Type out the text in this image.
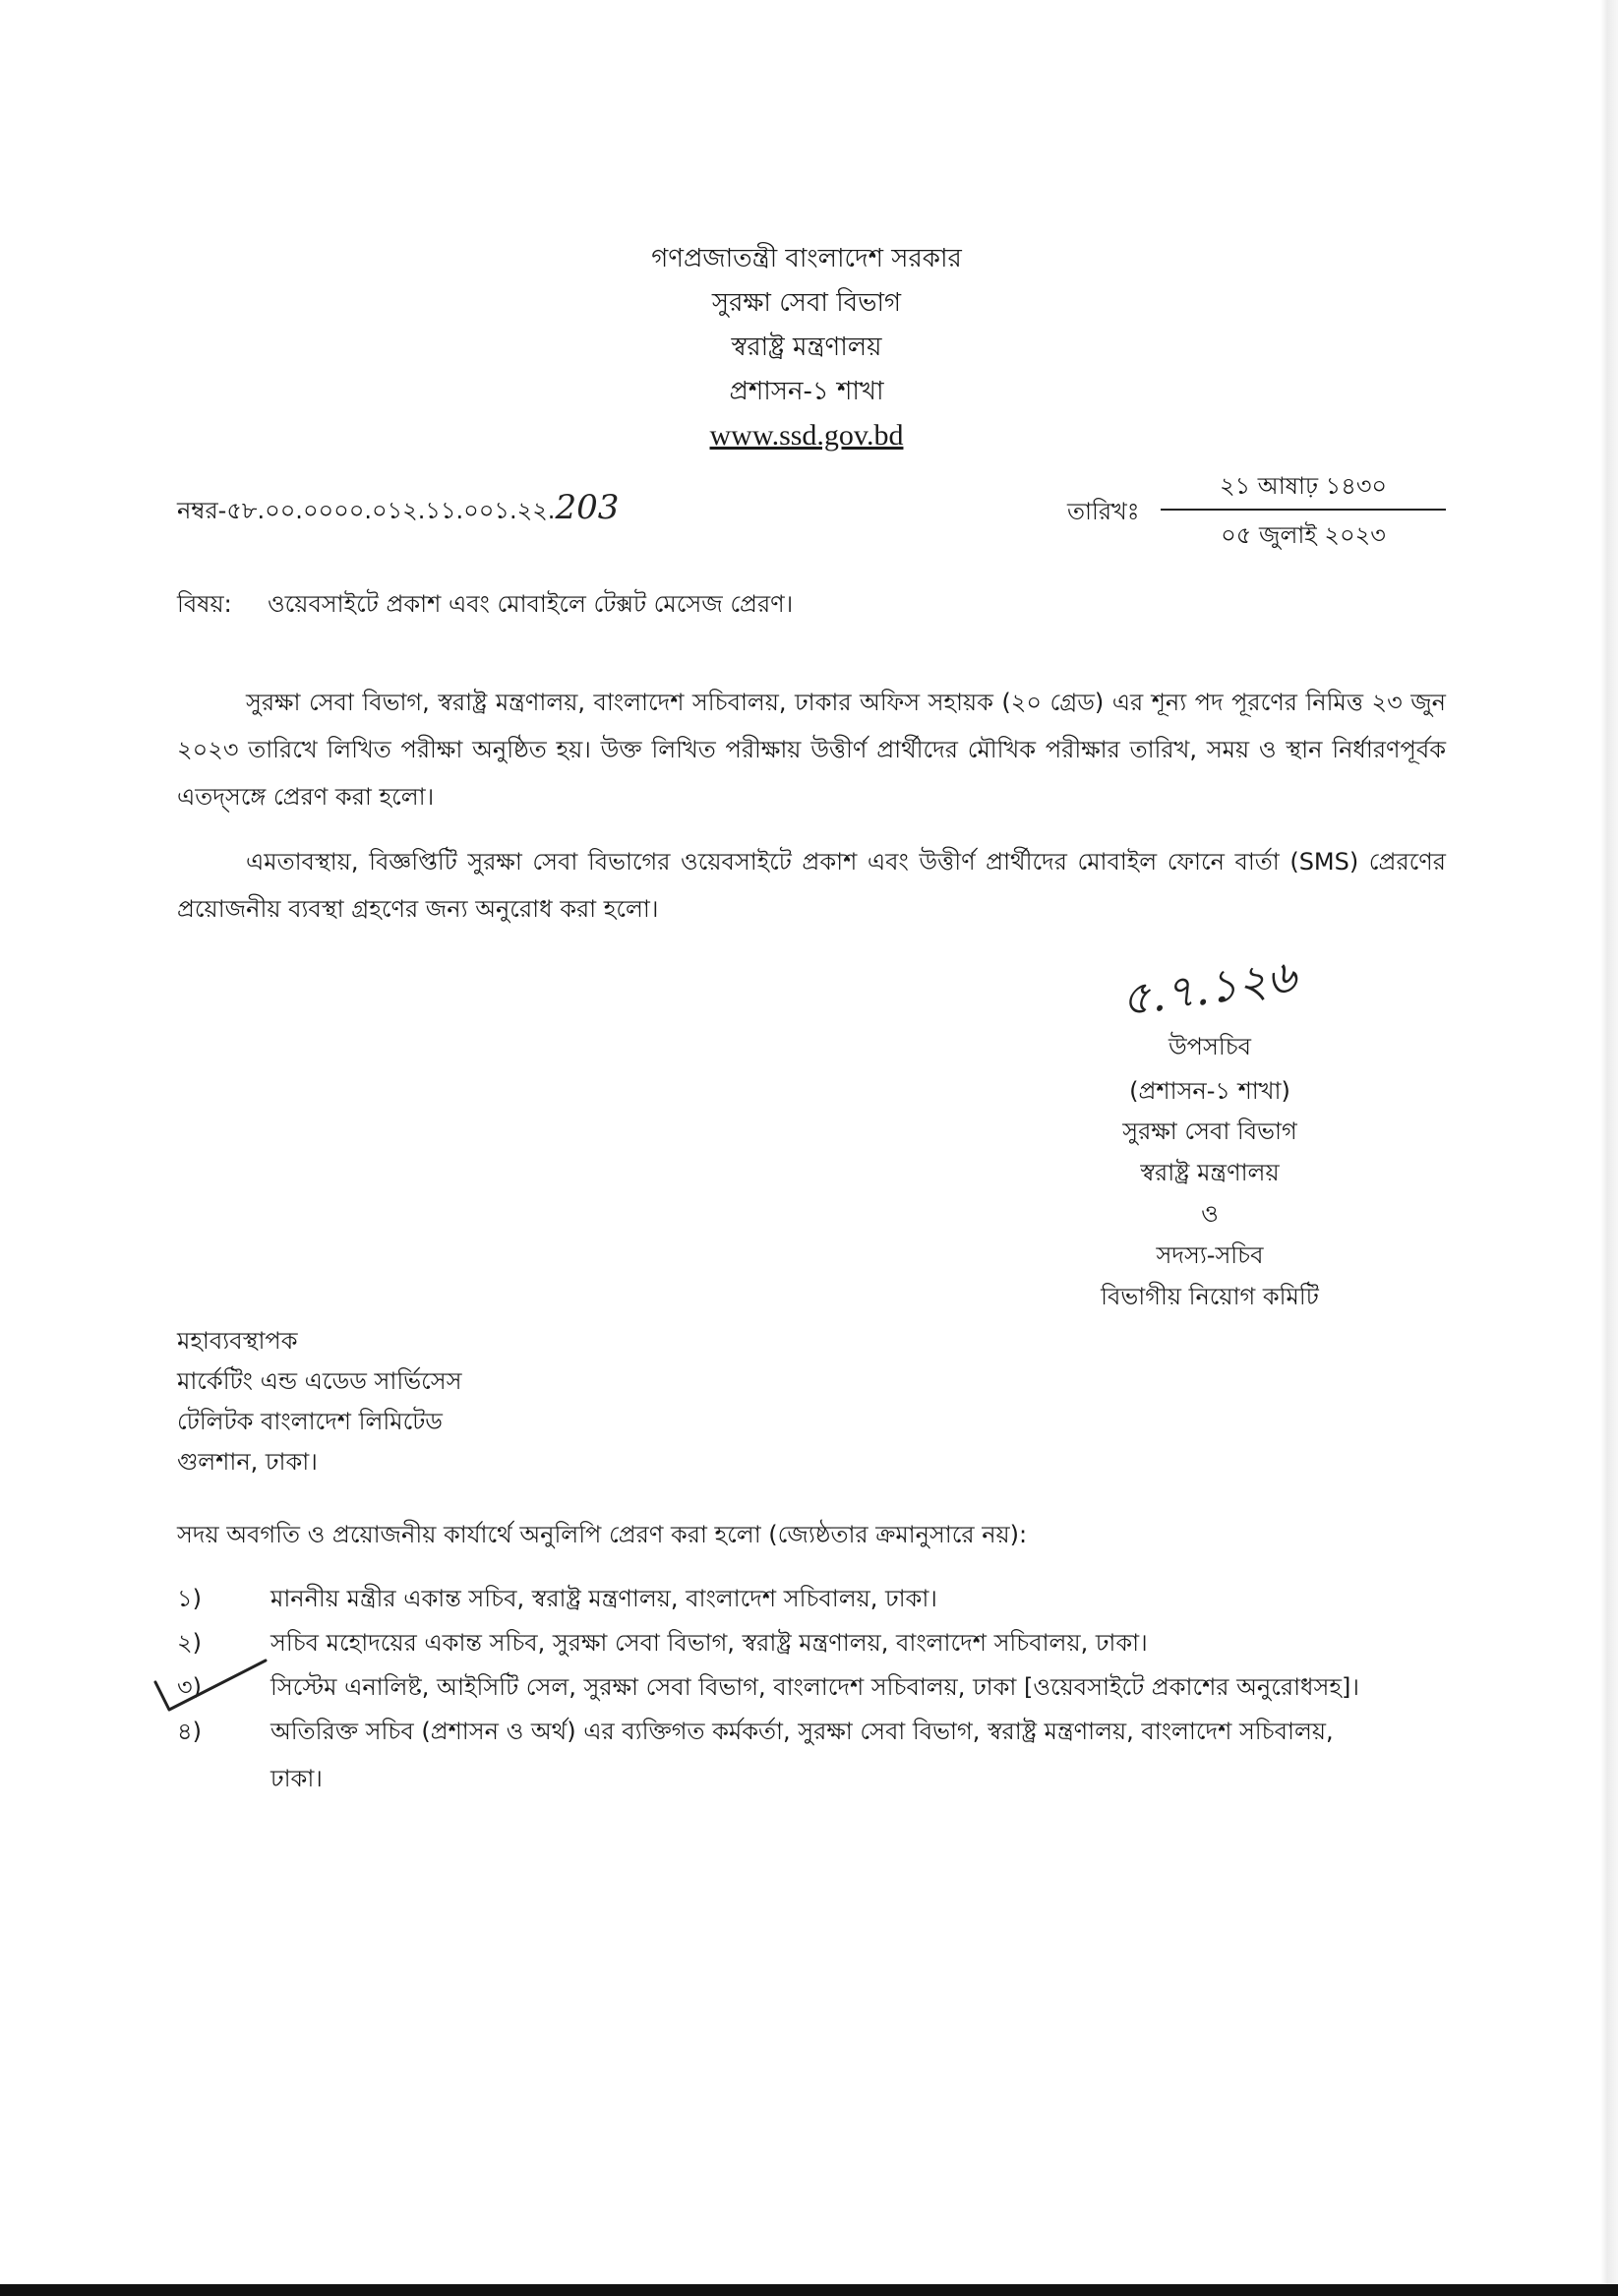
গণপ্রজাতন্ত্রী বাংলাদেশ সরকার
সুরক্ষা সেবা বিভাগ
স্বরাষ্ট্র মন্ত্রণালয়
প্রশাসন-১ শাখা
www.ssd.gov.bd
নম্বর-৫৮.০০.০০০০.০১২.১১.০০১.২২.203	তারিখঃ
২১ আষাঢ় ১৪৩০
০৫ জুলাই ২০২৩
বিষয়: ওয়েবসাইটে প্রকাশ এবং মোবাইলে টেক্সট মেসেজ প্রেরণ।
সুরক্ষা সেবা বিভাগ, স্বরাষ্ট্র মন্ত্রণালয়, বাংলাদেশ সচিবালয়, ঢাকার অফিস সহায়ক (২০ গ্রেড) এর শূন্য পদ পূরণের নিমিত্ত ২৩ জুন ২০২৩ তারিখে লিখিত পরীক্ষা অনুষ্ঠিত হয়। উক্ত লিখিত পরীক্ষায় উত্তীর্ণ প্রার্থীদের মৌখিক পরীক্ষার তারিখ, সময় ও স্থান নির্ধারণপূর্বক এতদ্‌সঙ্গে প্রেরণ করা হলো।
এমতাবস্থায়, বিজ্ঞপ্তিটি সুরক্ষা সেবা বিভাগের ওয়েবসাইটে প্রকাশ এবং উত্তীর্ণ প্রার্থীদের মোবাইল ফোনে বার্তা (SMS) প্রেরণের প্রয়োজনীয় ব্যবস্থা গ্রহণের জন্য অনুরোধ করা হলো।
৫.৭.১২৬
উপসচিব
(প্রশাসন-১ শাখা)
সুরক্ষা সেবা বিভাগ
স্বরাষ্ট্র মন্ত্রণালয়
ও
সদস্য-সচিব
বিভাগীয় নিয়োগ কমিটি
মহাব্যবস্থাপক
মার্কেটিং এন্ড এডেড সার্ভিসেস
টেলিটক বাংলাদেশ লিমিটেড
গুলশান, ঢাকা।
সদয় অবগতি ও প্রয়োজনীয় কার্যার্থে অনুলিপি প্রেরণ করা হলো (জ্যেষ্ঠতার ক্রমানুসারে নয়):
১)	মাননীয় মন্ত্রীর একান্ত সচিব, স্বরাষ্ট্র মন্ত্রণালয়, বাংলাদেশ সচিবালয়, ঢাকা।
২)	সচিব মহোদয়ের একান্ত সচিব, সুরক্ষা সেবা বিভাগ, স্বরাষ্ট্র মন্ত্রণালয়, বাংলাদেশ সচিবালয়, ঢাকা।
৩)	সিস্টেম এনালিষ্ট, আইসিটি সেল, সুরক্ষা সেবা বিভাগ, বাংলাদেশ সচিবালয়, ঢাকা [ওয়েবসাইটে প্রকাশের অনুরোধসহ]।
৪)	অতিরিক্ত সচিব (প্রশাসন ও অর্থ) এর ব্যক্তিগত কর্মকর্তা, সুরক্ষা সেবা বিভাগ, স্বরাষ্ট্র মন্ত্রণালয়, বাংলাদেশ সচিবালয়,
ঢাকা।
